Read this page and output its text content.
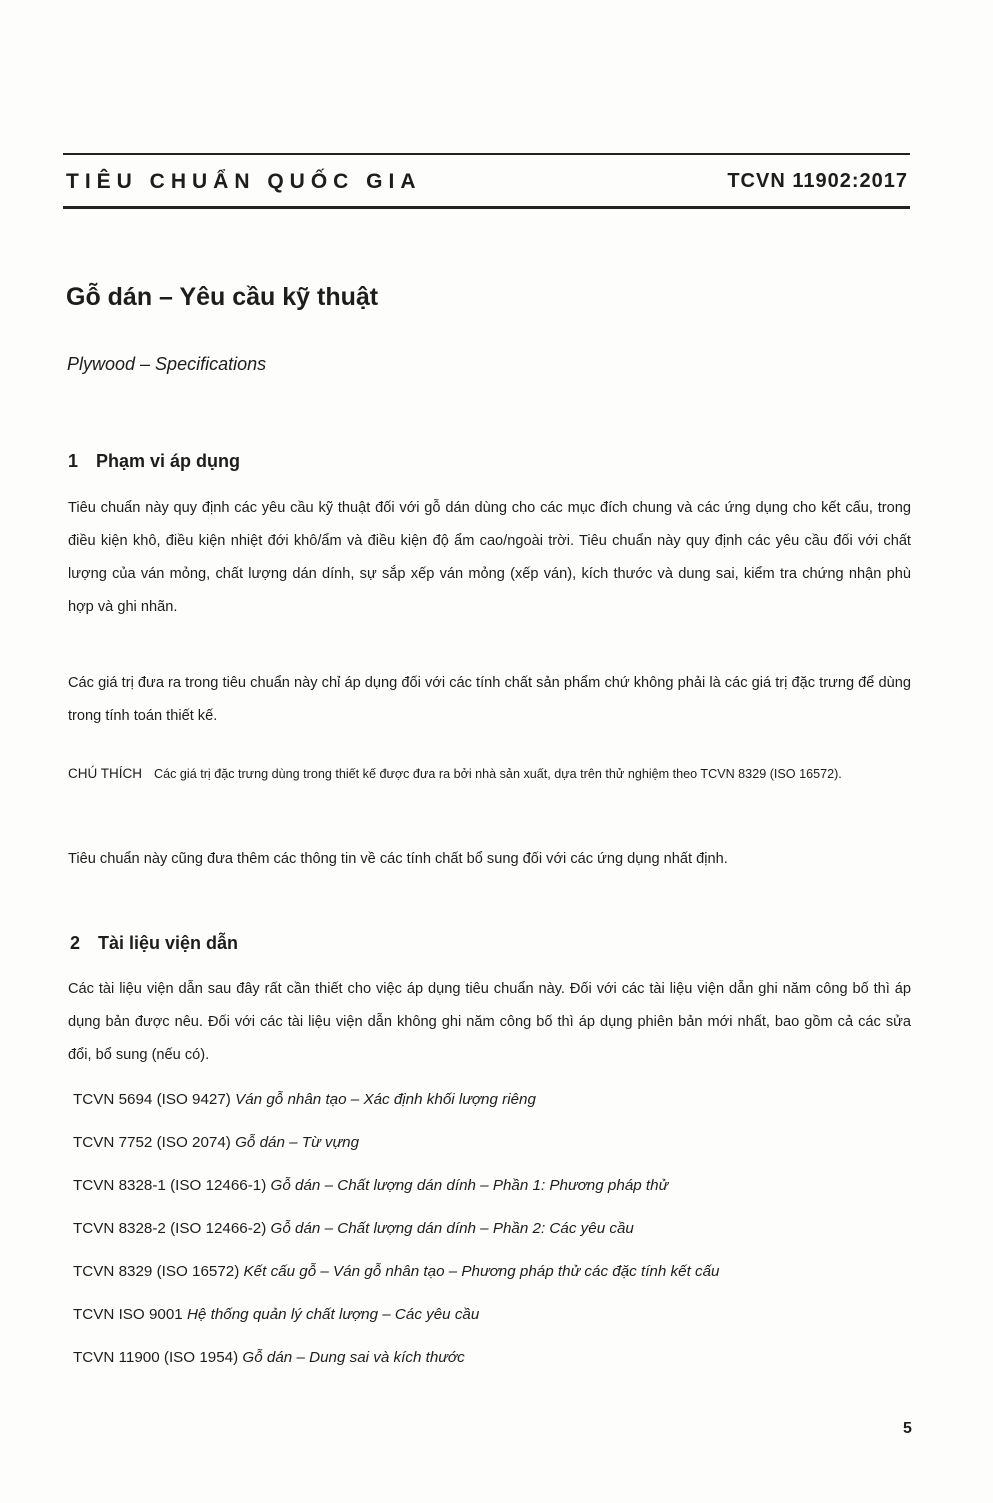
TIÊU CHUẨN QUỐC GIA	TCVN 11902:2017
Gỗ dán – Yêu cầu kỹ thuật
Plywood – Specifications
1 Phạm vi áp dụng
Tiêu chuẩn này quy định các yêu cầu kỹ thuật đối với gỗ dán dùng cho các mục đích chung và các ứng dụng cho kết cấu, trong điều kiện khô, điều kiện nhiệt đới khô/ẩm và điều kiện độ ẩm cao/ngoài trời. Tiêu chuẩn này quy định các yêu cầu đối với chất lượng của ván mỏng, chất lượng dán dính, sự sắp xếp ván mỏng (xếp ván), kích thước và dung sai, kiểm tra chứng nhận phù hợp và ghi nhãn.
Các giá trị đưa ra trong tiêu chuẩn này chỉ áp dụng đối với các tính chất sản phẩm chứ không phải là các giá trị đặc trưng để dùng trong tính toán thiết kế.
CHÚ THÍCH Các giá trị đặc trưng dùng trong thiết kế được đưa ra bởi nhà sản xuất, dựa trên thử nghiệm theo TCVN 8329 (ISO 16572).
Tiêu chuẩn này cũng đưa thêm các thông tin về các tính chất bổ sung đối với các ứng dụng nhất định.
2 Tài liệu viện dẫn
Các tài liệu viện dẫn sau đây rất cần thiết cho việc áp dụng tiêu chuẩn này. Đối với các tài liệu viện dẫn ghi năm công bố thì áp dụng bản được nêu. Đối với các tài liệu viện dẫn không ghi năm công bố thì áp dụng phiên bản mới nhất, bao gồm cả các sửa đổi, bổ sung (nếu có).
TCVN 5694 (ISO 9427) Ván gỗ nhân tạo – Xác định khối lượng riêng
TCVN 7752 (ISO 2074) Gỗ dán – Từ vựng
TCVN 8328-1 (ISO 12466-1) Gỗ dán – Chất lượng dán dính – Phần 1: Phương pháp thử
TCVN 8328-2 (ISO 12466-2) Gỗ dán – Chất lượng dán dính – Phần 2: Các yêu cầu
TCVN 8329 (ISO 16572) Kết cấu gỗ – Ván gỗ nhân tạo – Phương pháp thử các đặc tính kết cấu
TCVN ISO 9001 Hệ thống quản lý chất lượng – Các yêu cầu
TCVN 11900 (ISO 1954) Gỗ dán – Dung sai và kích thước
5
